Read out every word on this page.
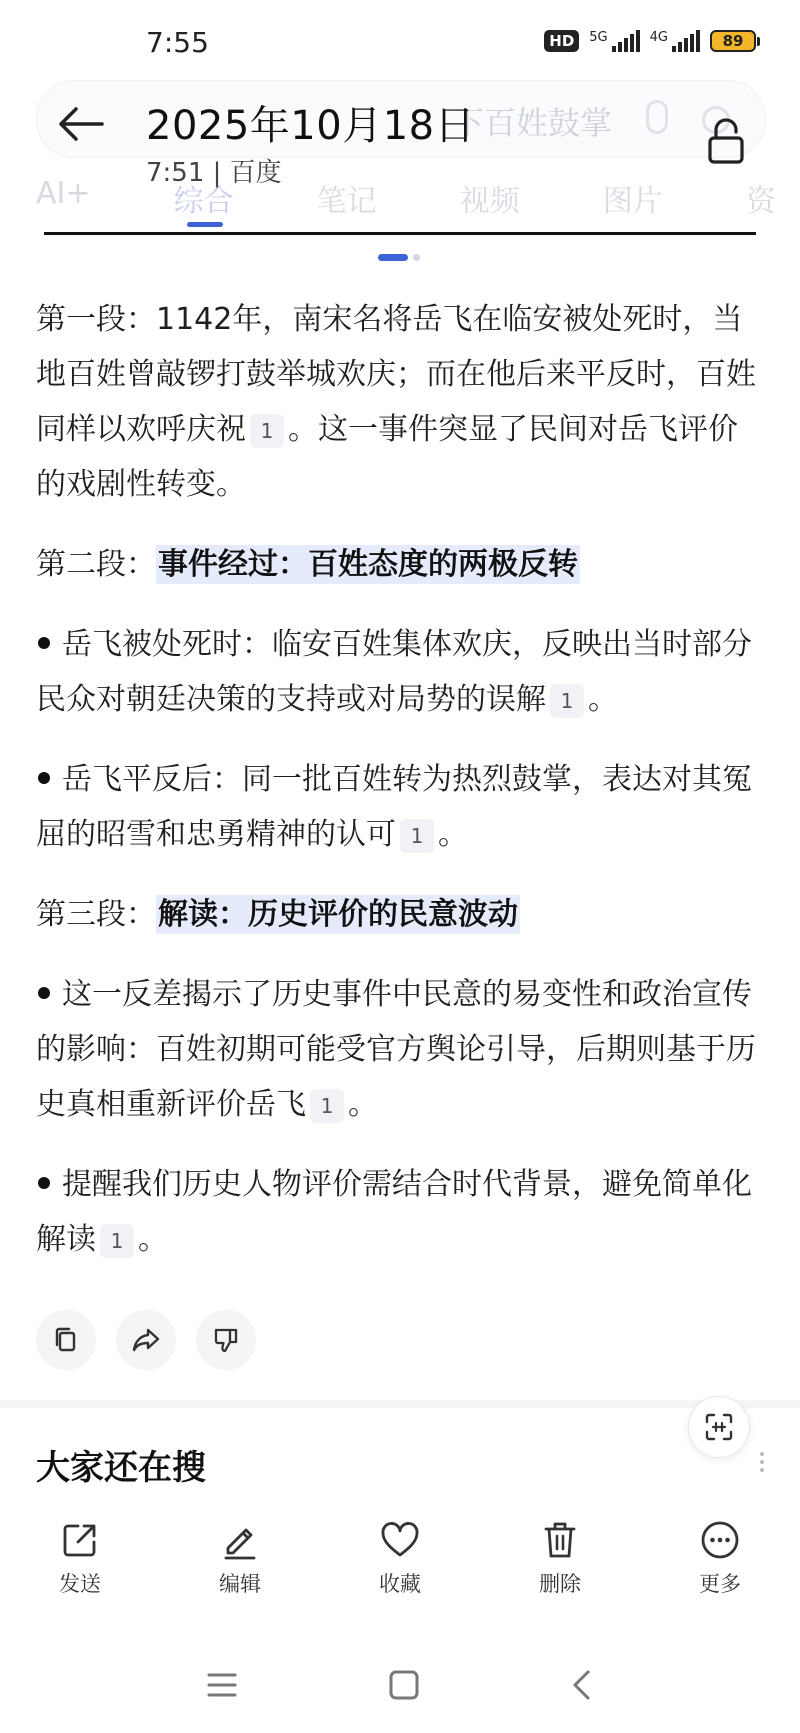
7:55	HD	5G	4G	89
下百姓鼓掌
AI+	综合	笔记	视频	图片	资
2025年10月18日
7:51 | 百度

第一段：1142年，南宋名将岳飞在临安被处死时，当地百姓曾敲锣打鼓举城欢庆；而在他后来平反时，百姓同样以欢呼庆祝 1 。这一事件突显了民间对岳飞评价的戏剧性转变。

第二段：事件经过：百姓态度的两极反转

岳飞被处死时：临安百姓集体欢庆，反映出当时部分民众对朝廷决策的支持或对局势的误解 1 。

岳飞平反后：同一批百姓转为热烈鼓掌，表达对其冤屈的昭雪和忠勇精神的认可 1 。

第三段：解读：历史评价的民意波动

这一反差揭示了历史事件中民意的易变性和政治宣传的影响：百姓初期可能受官方舆论引导，后期则基于历史真相重新评价岳飞 1 。

提醒我们历史人物评价需结合时代背景，避免简单化解读 1 。

大家还在搜
发送	编辑	收藏	删除	更多
